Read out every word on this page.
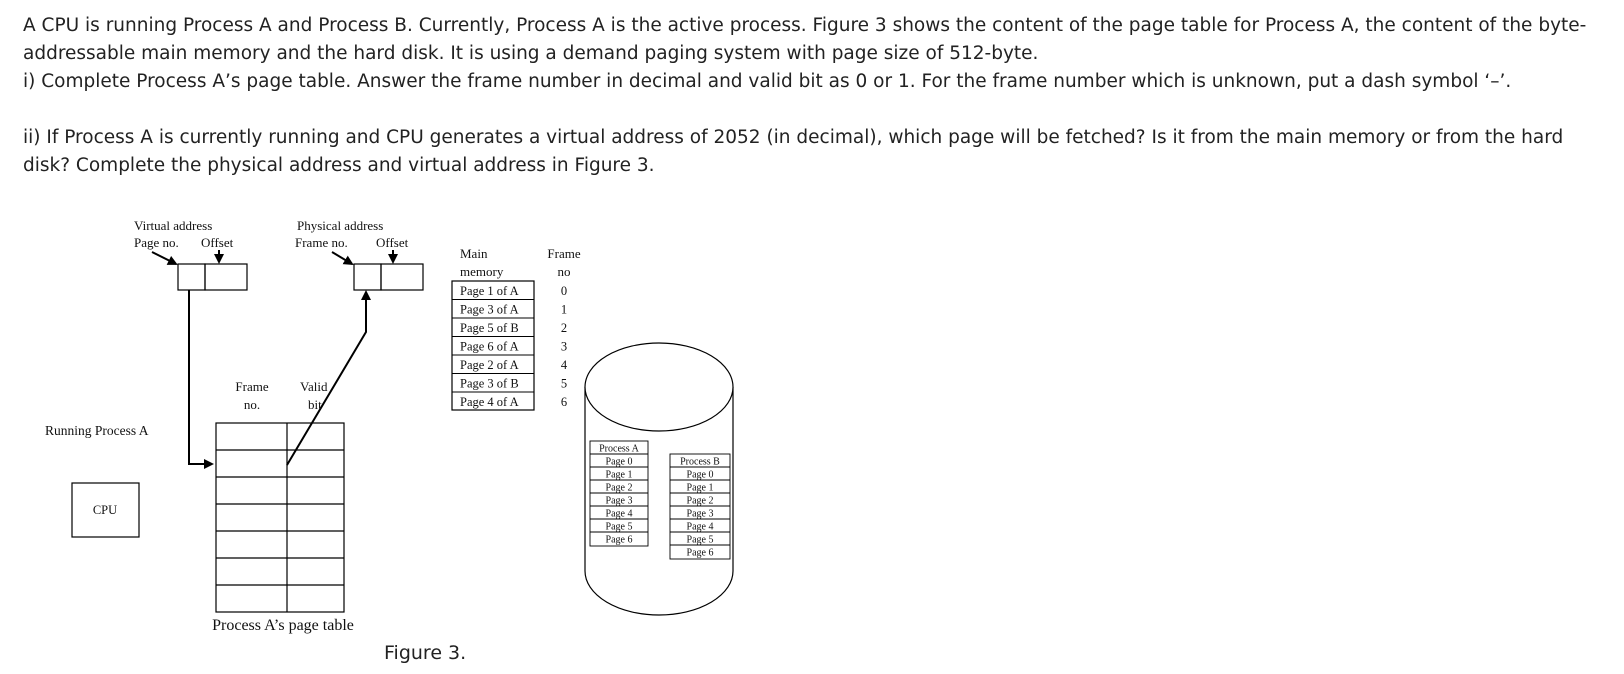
A CPU is running Process A and Process B. Currently, Process A is the active process. Figure 3 shows the content of the page table for Process A, the content of the byte-addressable main memory and the hard disk. It is using a demand paging system with page size of 512-byte.

i) Complete Process A’s page table. Answer the frame number in decimal and valid bit as 0 or 1. For the frame number which is unknown, put a dash symbol ‘–’.

ii) If Process A is currently running and CPU generates a virtual address of 2052 (in decimal), which page will be fetched? Is it from the main memory or from the hard disk? Complete the physical address and virtual address in Figure 3.

Virtual address
Page no. Offset
Physical address
Frame no. Offset
Frame
no.
Valid
bit
Process A’s page table
Running Process A
CPU
Main
memory
Frame
no
Page 1 of A	0
Page 3 of A	1
Page 5 of B	2
Page 6 of A	3
Page 2 of A	4
Page 3 of B	5
Page 4 of A	6
Process A
Page 0
Page 1
Page 2
Page 3
Page 4
Page 5
Page 6
Process B
Page 0
Page 1
Page 2
Page 3
Page 4
Page 5
Page 6
Figure 3.
